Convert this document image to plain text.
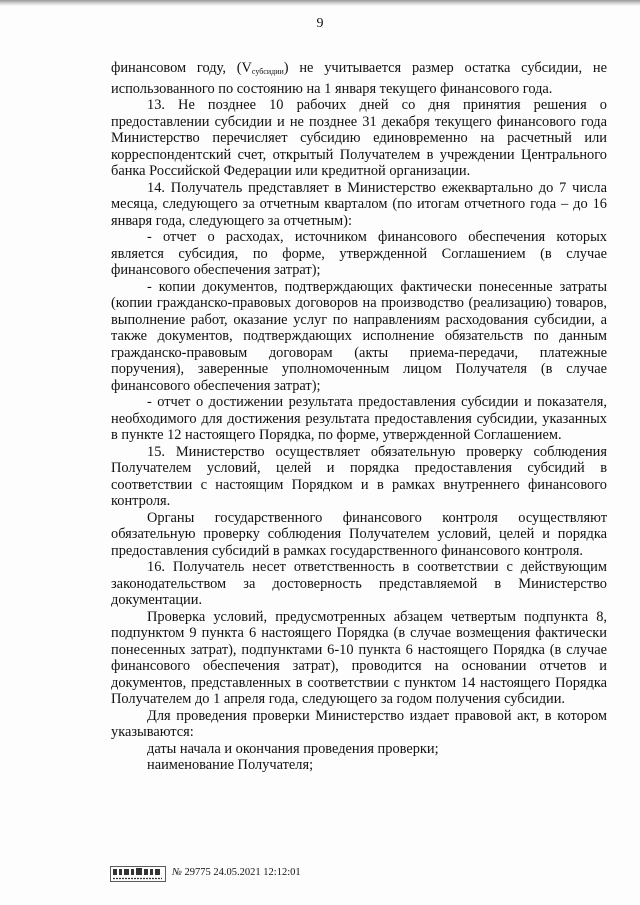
9

финансовом году, $(V_{субсидии})$ не учитывается размер остатка субсидии, не использованного по состоянию на 1 января текущего финансового года.

13. Не позднее 10 рабочих дней со дня принятия решения о предоставлении субсидии и не позднее 31 декабря текущего финансового года Министерство перечисляет субсидию единовременно на расчетный или корреспондентский счет, открытый Получателем в учреждении Центрального банка Российской Федерации или кредитной организации.

14. Получатель представляет в Министерство ежеквартально до 7 числа месяца, следующего за отчетным кварталом (по итогам отчетного года – до 16 января года, следующего за отчетным):

- отчет о расходах, источником финансового обеспечения которых является субсидия, по форме, утвержденной Соглашением (в случае финансового обеспечения затрат);

- копии документов, подтверждающих фактически понесенные затраты (копии гражданско-правовых договоров на производство (реализацию) товаров, выполнение работ, оказание услуг по направлениям расходования субсидии, а также документов, подтверждающих исполнение обязательств по данным гражданско-правовым договорам (акты приема-передачи, платежные поручения), заверенные уполномоченным лицом Получателя (в случае финансового обеспечения затрат);

- отчет о достижении результата предоставления субсидии и показателя, необходимого для достижения результата предоставления субсидии, указанных в пункте 12 настоящего Порядка, по форме, утвержденной Соглашением.

15. Министерство осуществляет обязательную проверку соблюдения Получателем условий, целей и порядка предоставления субсидий в соответствии с настоящим Порядком и в рамках внутреннего финансового контроля.

Органы государственного финансового контроля осуществляют обязательную проверку соблюдения Получателем условий, целей и порядка предоставления субсидий в рамках государственного финансового контроля.

16. Получатель несет ответственность в соответствии с действующим законодательством за достоверность представляемой в Министерство документации.

Проверка условий, предусмотренных абзацем четвертым подпункта 8, подпунктом 9 пункта 6 настоящего Порядка (в случае возмещения фактически понесенных затрат), подпунктами 6-10 пункта 6 настоящего Порядка (в случае финансового обеспечения затрат), проводится на основании отчетов и документов, представленных в соответствии с пунктом 14 настоящего Порядка Получателем до 1 апреля года, следующего за годом получения субсидии.

Для проведения проверки Министерство издает правовой акт, в котором указываются:

даты начала и окончания проведения проверки;

наименование Получателя;

№ 29775 24.05.2021 12:12:01
